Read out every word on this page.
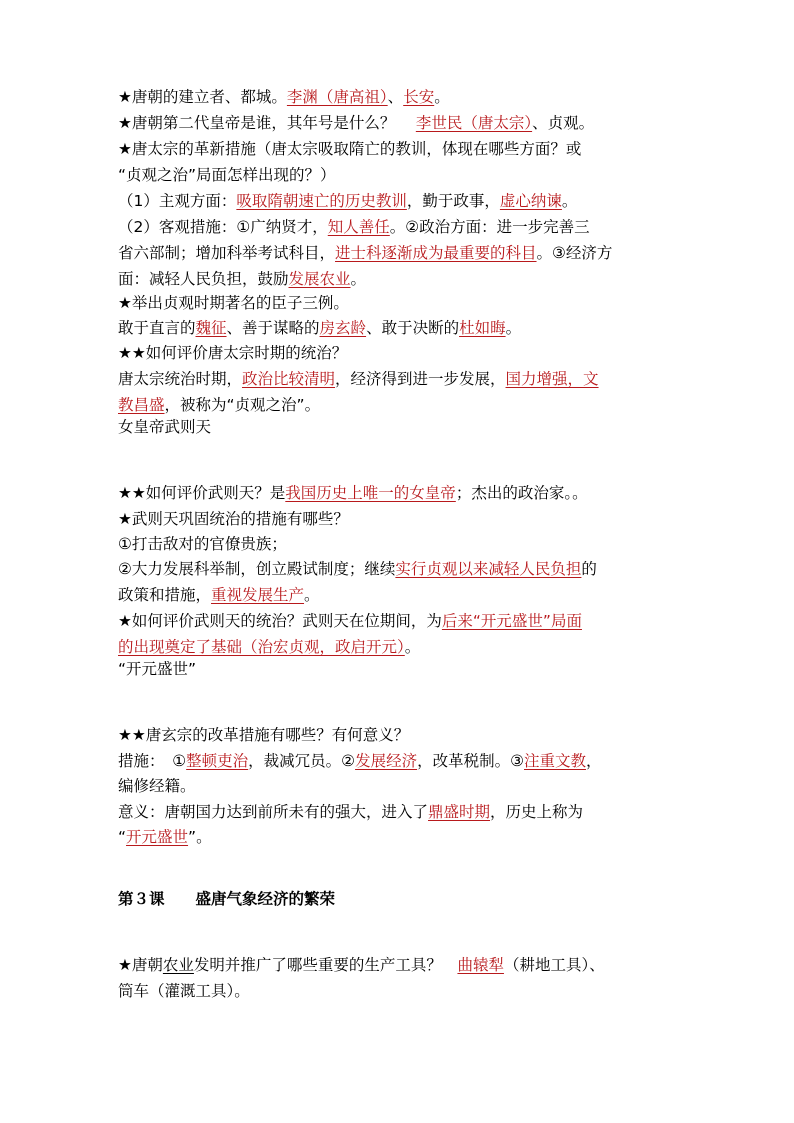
★唐朝的建立者、都城。李渊（唐高祖）、长安。
★唐朝第二代皇帝是谁，其年号是什么？　 李世民（唐太宗）、贞观。
★唐太宗的革新措施（唐太宗吸取隋亡的教训，体现在哪些方面？或
“贞观之治”局面怎样出现的？）
（1）主观方面：吸取隋朝速亡的历史教训，勤于政事，虚心纳谏。
（2）客观措施：①广纳贤才，知人善任。②政治方面：进一步完善三
省六部制；增加科举考试科目，进士科逐渐成为最重要的科目。③经济方
面：减轻人民负担，鼓励发展农业。
★举出贞观时期著名的臣子三例。
敢于直言的魏征、善于谋略的房玄龄、敢于决断的杜如晦。
★★如何评价唐太宗时期的统治？
唐太宗统治时期，政治比较清明，经济得到进一步发展，国力增强，文
教昌盛，被称为“贞观之治”。
女皇帝武则天
★★如何评价武则天？是我国历史上唯一的女皇帝；杰出的政治家。。
★武则天巩固统治的措施有哪些？
①打击敌对的官僚贵族；
②大力发展科举制，创立殿试制度；继续实行贞观以来减轻人民负担的
政策和措施，重视发展生产。
★如何评价武则天的统治？武则天在位期间，为后来“开元盛世”局面
的出现奠定了基础（治宏贞观，政启开元）。
“开元盛世”
★★唐玄宗的改革措施有哪些？有何意义？
措施：　①整顿吏治，裁减冗员。②发展经济，改革税制。③注重文教，
编修经籍。
意义：唐朝国力达到前所未有的强大，进入了鼎盛时期，历史上称为
“开元盛世”。
第３课　　盛唐气象经济的繁荣
★唐朝农业发明并推广了哪些重要的生产工具？　曲辕犁（耕地工具）、
筒车（灌溉工具）。
